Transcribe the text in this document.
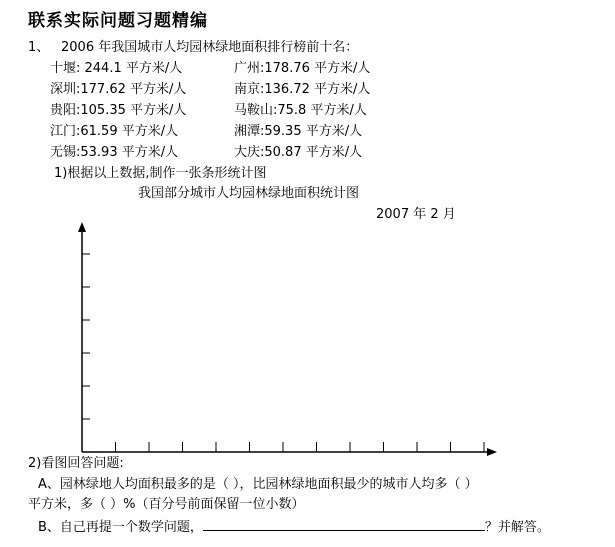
联系实际问题习题精编
1、 2006 年我国城市人均园林绿地面积排行榜前十名：
十堰: 244.1 平方米/人	广州:178.76 平方米/人
深圳:177.62 平方米/人	南京:136.72 平方米/人
贵阳:105.35 平方米/人	马鞍山:75.8 平方米/人
江门:61.59 平方米/人	湘潭:59.35 平方米/人
无锡:53.93 平方米/人	大庆:50.87 平方米/人
1)根据以上数据,制作一张条形统计图
我国部分城市人均园林绿地面积统计图
2007 年 2 月
2)看图回答问题:
A、园林绿地人均面积最多的是（ ），比园林绿地面积最少的城市人均多（ ）
平方米，多（ ）%（百分号前面保留一位小数）
B、自己再提一个数学问题，	？并解答。
